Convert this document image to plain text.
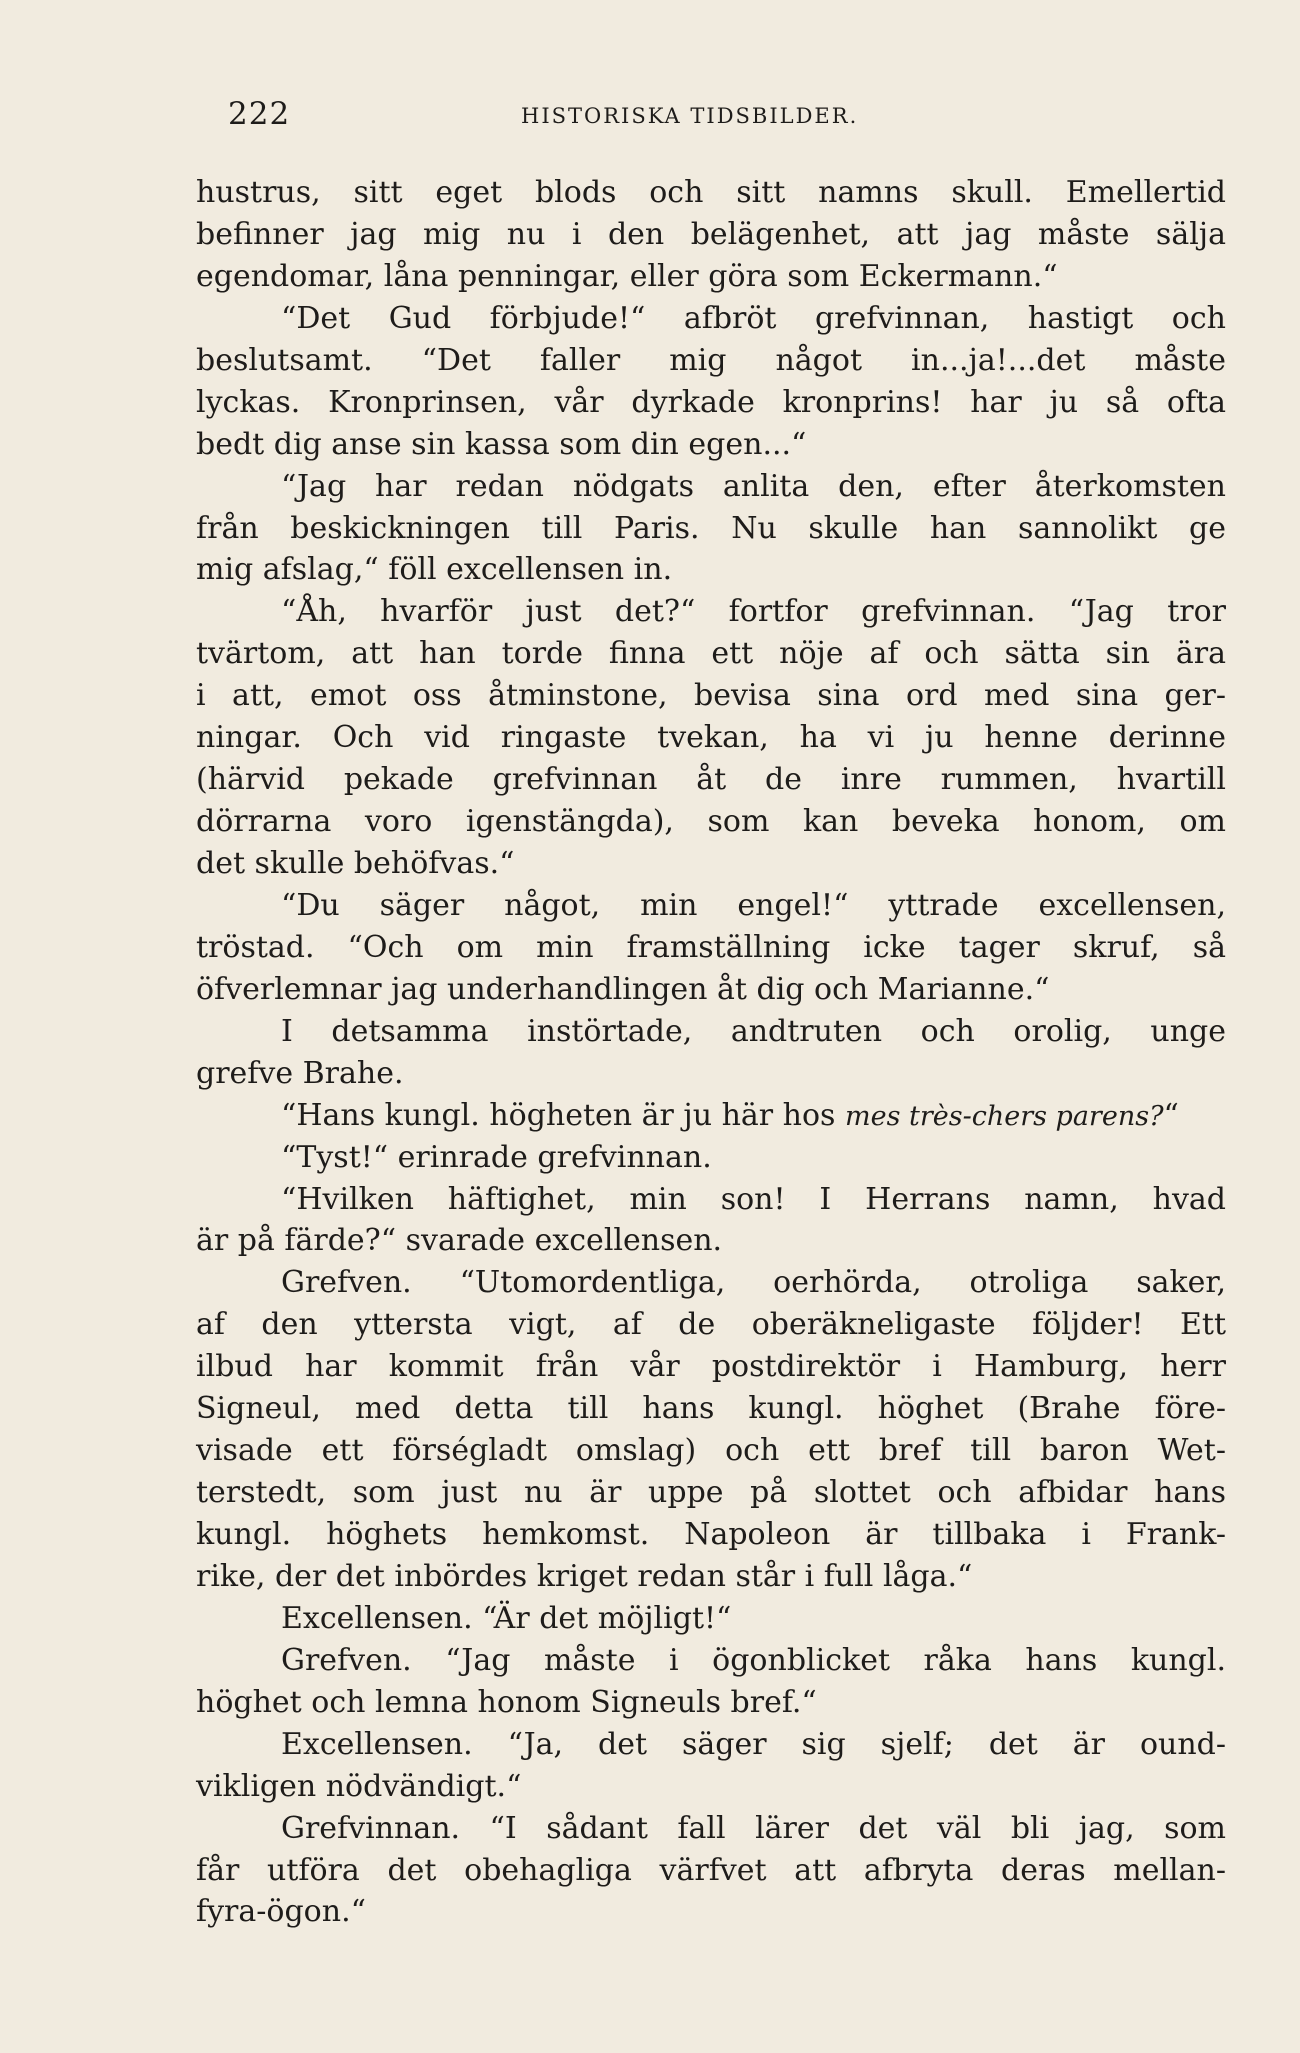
222	HISTORISKA TIDSBILDER.
hustrus, sitt eget blods och sitt namns skull. Emellertid
befinner jag mig nu i den belägenhet, att jag måste sälja
egendomar, låna penningar, eller göra som Eckermann.“
“Det Gud förbjude!“ afbröt grefvinnan, hastigt och
beslutsamt. “Det faller mig något in...ja!...det måste
lyckas. Kronprinsen, vår dyrkade kronprins! har ju så ofta
bedt dig anse sin kassa som din egen...“
“Jag har redan nödgats anlita den, efter återkomsten
från beskickningen till Paris. Nu skulle han sannolikt ge
mig afslag,“ föll excellensen in.
“Åh, hvarför just det?“ fortfor grefvinnan. “Jag tror
tvärtom, att han torde finna ett nöje af och sätta sin ära
i att, emot oss åtminstone, bevisa sina ord med sina ger-
ningar. Och vid ringaste tvekan, ha vi ju henne derinne
(härvid pekade grefvinnan åt de inre rummen, hvartill
dörrarna voro igenstängda), som kan beveka honom, om
det skulle behöfvas.“
“Du säger något, min engel!“ yttrade excellensen,
tröstad. “Och om min framställning icke tager skruf, så
öfverlemnar jag underhandlingen åt dig och Marianne.“
I detsamma instörtade, andtruten och orolig, unge
grefve Brahe.
“Hans kungl. högheten är ju här hos mes très-chers parens?“
“Tyst!“ erinrade grefvinnan.
“Hvilken häftighet, min son! I Herrans namn, hvad
är på färde?“ svarade excellensen.
Grefven. “Utomordentliga, oerhörda, otroliga saker,
af den yttersta vigt, af de oberäkneligaste följder! Ett
ilbud har kommit från vår postdirektör i Hamburg, herr
Signeul, med detta till hans kungl. höghet (Brahe före-
visade ett förségladt omslag) och ett bref till baron Wet-
terstedt, som just nu är uppe på slottet och afbidar hans
kungl. höghets hemkomst. Napoleon är tillbaka i Frank-
rike, der det inbördes kriget redan står i full låga.“
Excellensen. “Är det möjligt!“
Grefven. “Jag måste i ögonblicket råka hans kungl.
höghet och lemna honom Signeuls bref.“
Excellensen. “Ja, det säger sig sjelf; det är ound-
vikligen nödvändigt.“
Grefvinnan. “I sådant fall lärer det väl bli jag, som
får utföra det obehagliga värfvet att afbryta deras mellan-
fyra-ögon.“
